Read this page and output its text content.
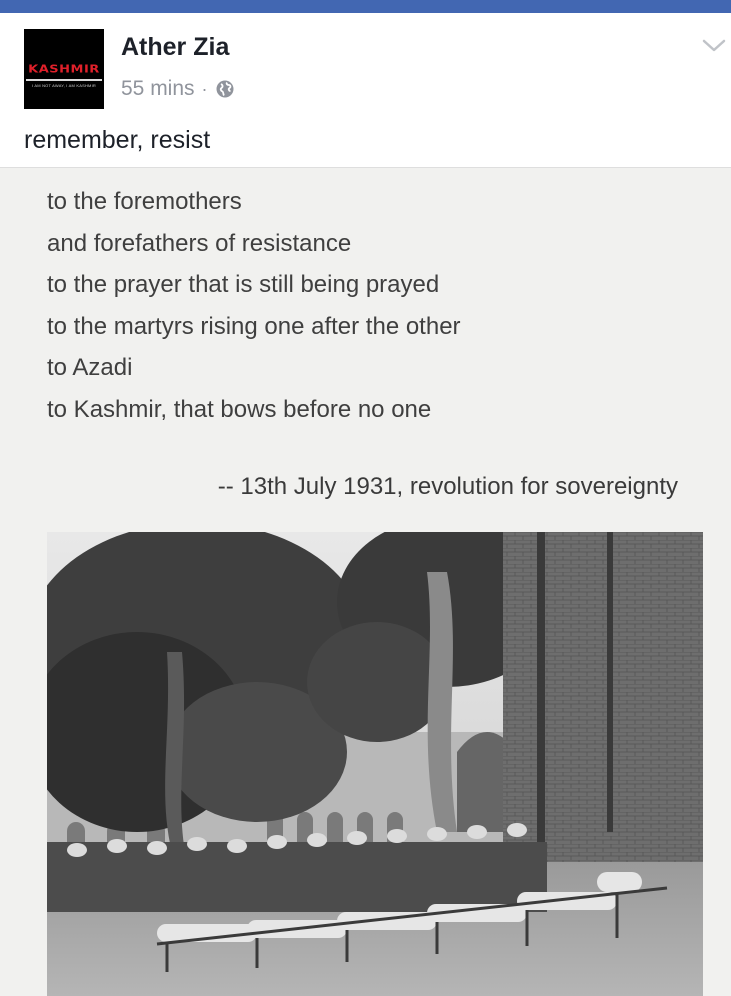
KASHMIR
I AM NOT AWAY, I AM KASHMIR
Ather Zia
55 mins ·
remember, resist
to the foremothers
and forefathers of resistance
to the prayer that is still being prayed
to the martyrs rising one after the other
to Azadi
to Kashmir, that bows before no one
-- 13th July 1931, revolution for sovereignty
